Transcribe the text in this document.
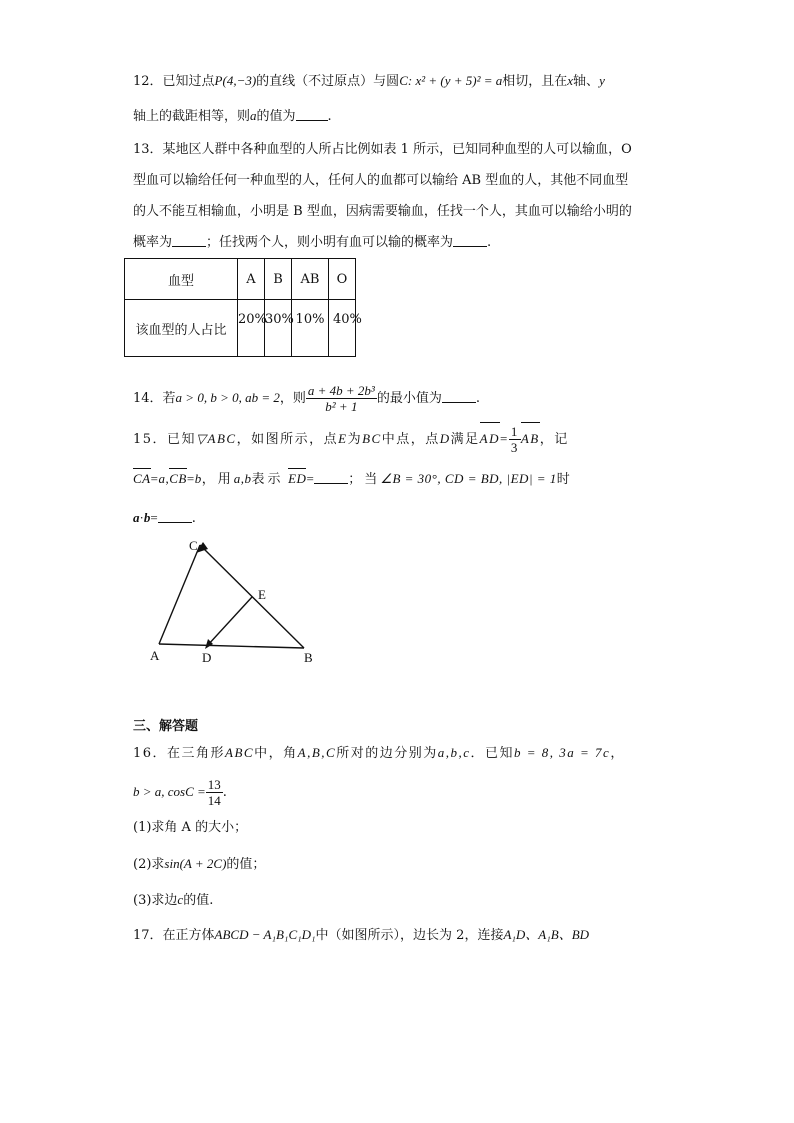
12．已知过点P(4,−3)的直线（不过原点）与圆C: x² + (y + 5)² = a相切，且在x轴、y
轴上的截距相等，则a的值为 .
13．某地区人群中各种血型的人所占比例如表 1 所示，已知同种血型的人可以输血，O
型血可以输给任何一种血型的人，任何人的血都可以输给 AB 型血的人，其他不同血型
的人不能互相输血，小明是 B 型血，因病需要输血，任找一个人，其血可以输给小明的
概率为	；任找两个人，则小明有血可以输的概率为	.
血型	A	B	AB	O
该血型的人占比	20%	30%	10%	40%
14．若a > 0, b > 0, ab = 2，则 $\frac{\text{a + 4b + 2b³}}{\text{b² + 1}}$ 的最小值为	.
15．已知▽ABC，如图所示，点E为BC中点，点D满足$AD= \frac{1}{3}$ AB，记
CA=a,CB=b，用a,b表示 ED=	；当∠B = 30°, CD = BD, |ED| = 1时
a·b=	.
C
E
A	D	B
三、解答题
16．在三角形ABC中，角A,B,C所对的边分别为a,b,c．已知b = 8, 3a = 7c，
b > a, $\cos C = \frac{13}{14}$ .
(1)求角 A 的大小；
(2)求sin(A + 2C)的值；
(3)求边c的值.
17．在正方体ABCD − A₁B₁C₁D₁中（如图所示），边长为 2，连接A₁D、A₁B、BD
